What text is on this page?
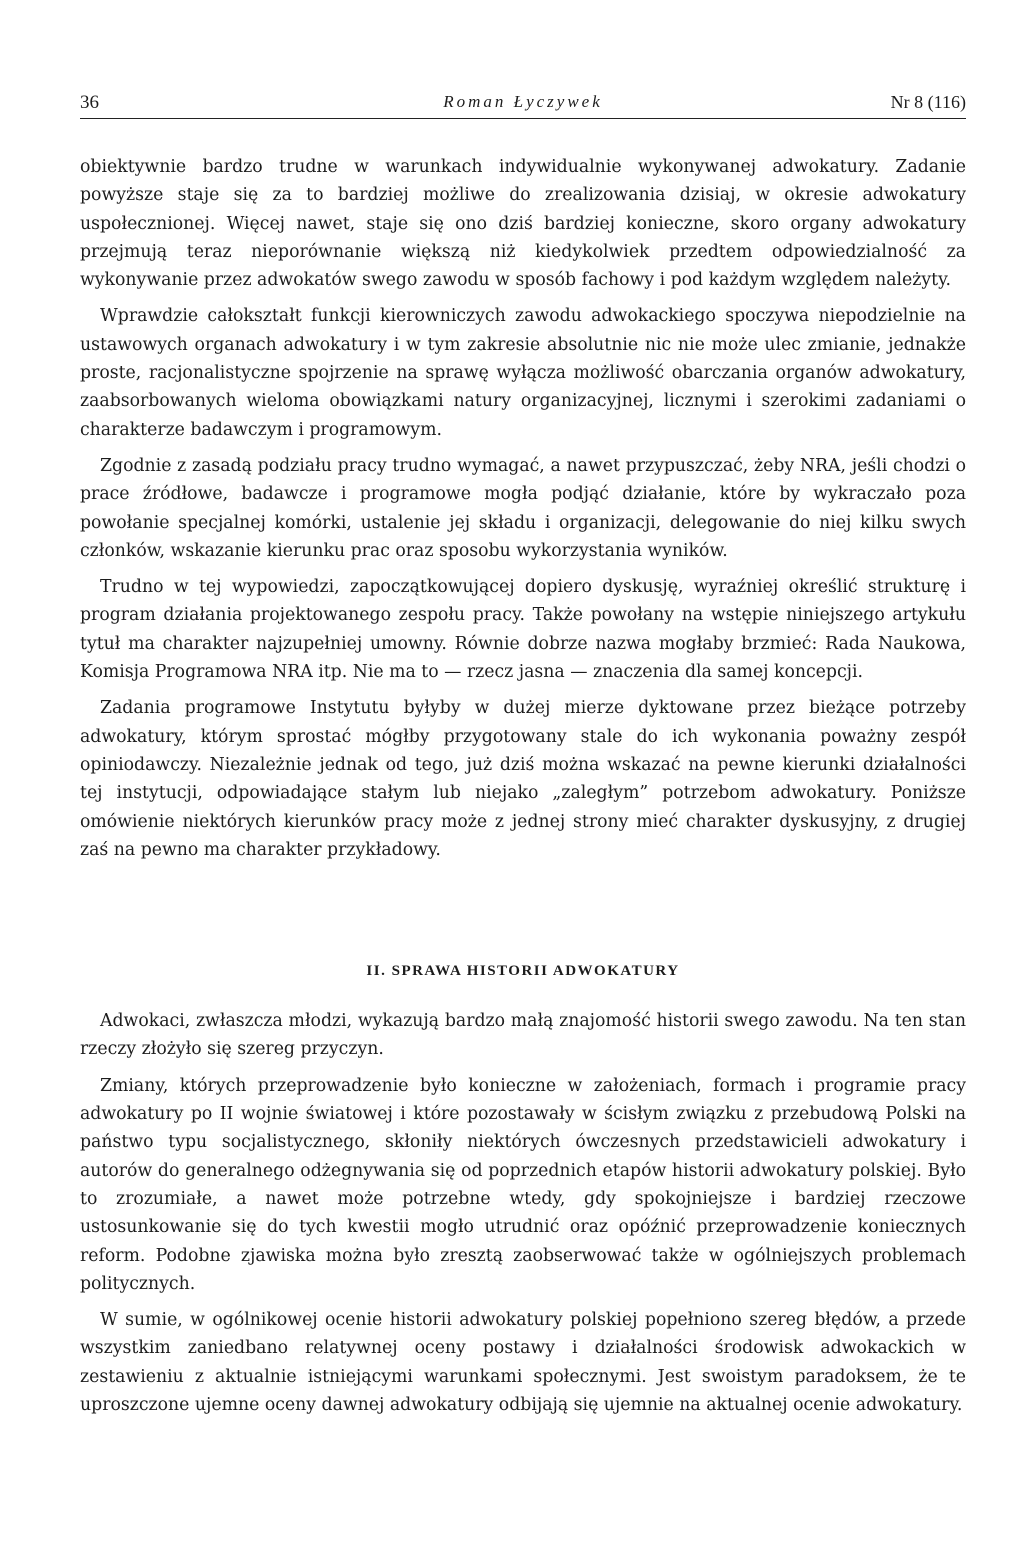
36	Roman Łyczywek	Nr 8 (116)

obiektywnie bardzo trudne w warunkach indywidualnie wykonywanej adwokatury. Zadanie powyższe staje się za to bardziej możliwe do zrealizowania dzisiaj, w okresie adwokatury uspołecznionej. Więcej nawet, staje się ono dziś bardziej konieczne, skoro organy adwokatury przejmują teraz nieporównanie większą niż kiedykolwiek przedtem odpowiedzialność za wykonywanie przez adwokatów swego zawodu w sposób fachowy i pod każdym względem należyty.

Wprawdzie całokształt funkcji kierowniczych zawodu adwokackiego spoczywa niepodzielnie na ustawowych organach adwokatury i w tym zakresie absolutnie nic nie może ulec zmianie, jednakże proste, racjonalistyczne spojrzenie na sprawę wyłącza możliwość obarczania organów adwokatury, zaabsorbowanych wieloma obowiązkami natury organizacyjnej, licznymi i szerokimi zadaniami o charakterze badawczym i programowym.

Zgodnie z zasadą podziału pracy trudno wymagać, a nawet przypuszczać, żeby NRA, jeśli chodzi o prace źródłowe, badawcze i programowe mogła podjąć działanie, które by wykraczało poza powołanie specjalnej komórki, ustalenie jej składu i organizacji, delegowanie do niej kilku swych członków, wskazanie kierunku prac oraz sposobu wykorzystania wyników.

Trudno w tej wypowiedzi, zapoczątkowującej dopiero dyskusję, wyraźniej określić strukturę i program działania projektowanego zespołu pracy. Także powołany na wstępie niniejszego artykułu tytuł ma charakter najzupełniej umowny. Równie dobrze nazwa mogłaby brzmieć: Rada Naukowa, Komisja Programowa NRA itp. Nie ma to — rzecz jasna — znaczenia dla samej koncepcji.

Zadania programowe Instytutu byłyby w dużej mierze dyktowane przez bieżące potrzeby adwokatury, którym sprostać mógłby przygotowany stale do ich wykonania poważny zespół opiniodawczy. Niezależnie jednak od tego, już dziś można wskazać na pewne kierunki działalności tej instytucji, odpowiadające stałym lub niejako „zaległym” potrzebom adwokatury. Poniższe omówienie niektórych kierunków pracy może z jednej strony mieć charakter dyskusyjny, z drugiej zaś na pewno ma charakter przykładowy.

II. SPRAWA HISTORII ADWOKATURY

Adwokaci, zwłaszcza młodzi, wykazują bardzo małą znajomość historii swego zawodu. Na ten stan rzeczy złożyło się szereg przyczyn.

Zmiany, których przeprowadzenie było konieczne w założeniach, formach i programie pracy adwokatury po II wojnie światowej i które pozostawały w ścisłym związku z przebudową Polski na państwo typu socjalistycznego, skłoniły niektórych ówczesnych przedstawicieli adwokatury i autorów do generalnego odżegnywania się od poprzednich etapów historii adwokatury polskiej. Było to zrozumiałe, a nawet może potrzebne wtedy, gdy spokojniejsze i bardziej rzeczowe ustosunkowanie się do tych kwestii mogło utrudnić oraz opóźnić przeprowadzenie koniecznych reform. Podobne zjawiska można było zresztą zaobserwować także w ogólniejszych problemach politycznych.

W sumie, w ogólnikowej ocenie historii adwokatury polskiej popełniono szereg błędów, a przede wszystkim zaniedbano relatywnej oceny postawy i działalności środowisk adwokackich w zestawieniu z aktualnie istniejącymi warunkami społecznymi. Jest swoistym paradoksem, że te uproszczone ujemne oceny dawnej adwokatury odbijają się ujemnie na aktualnej ocenie adwokatury.
